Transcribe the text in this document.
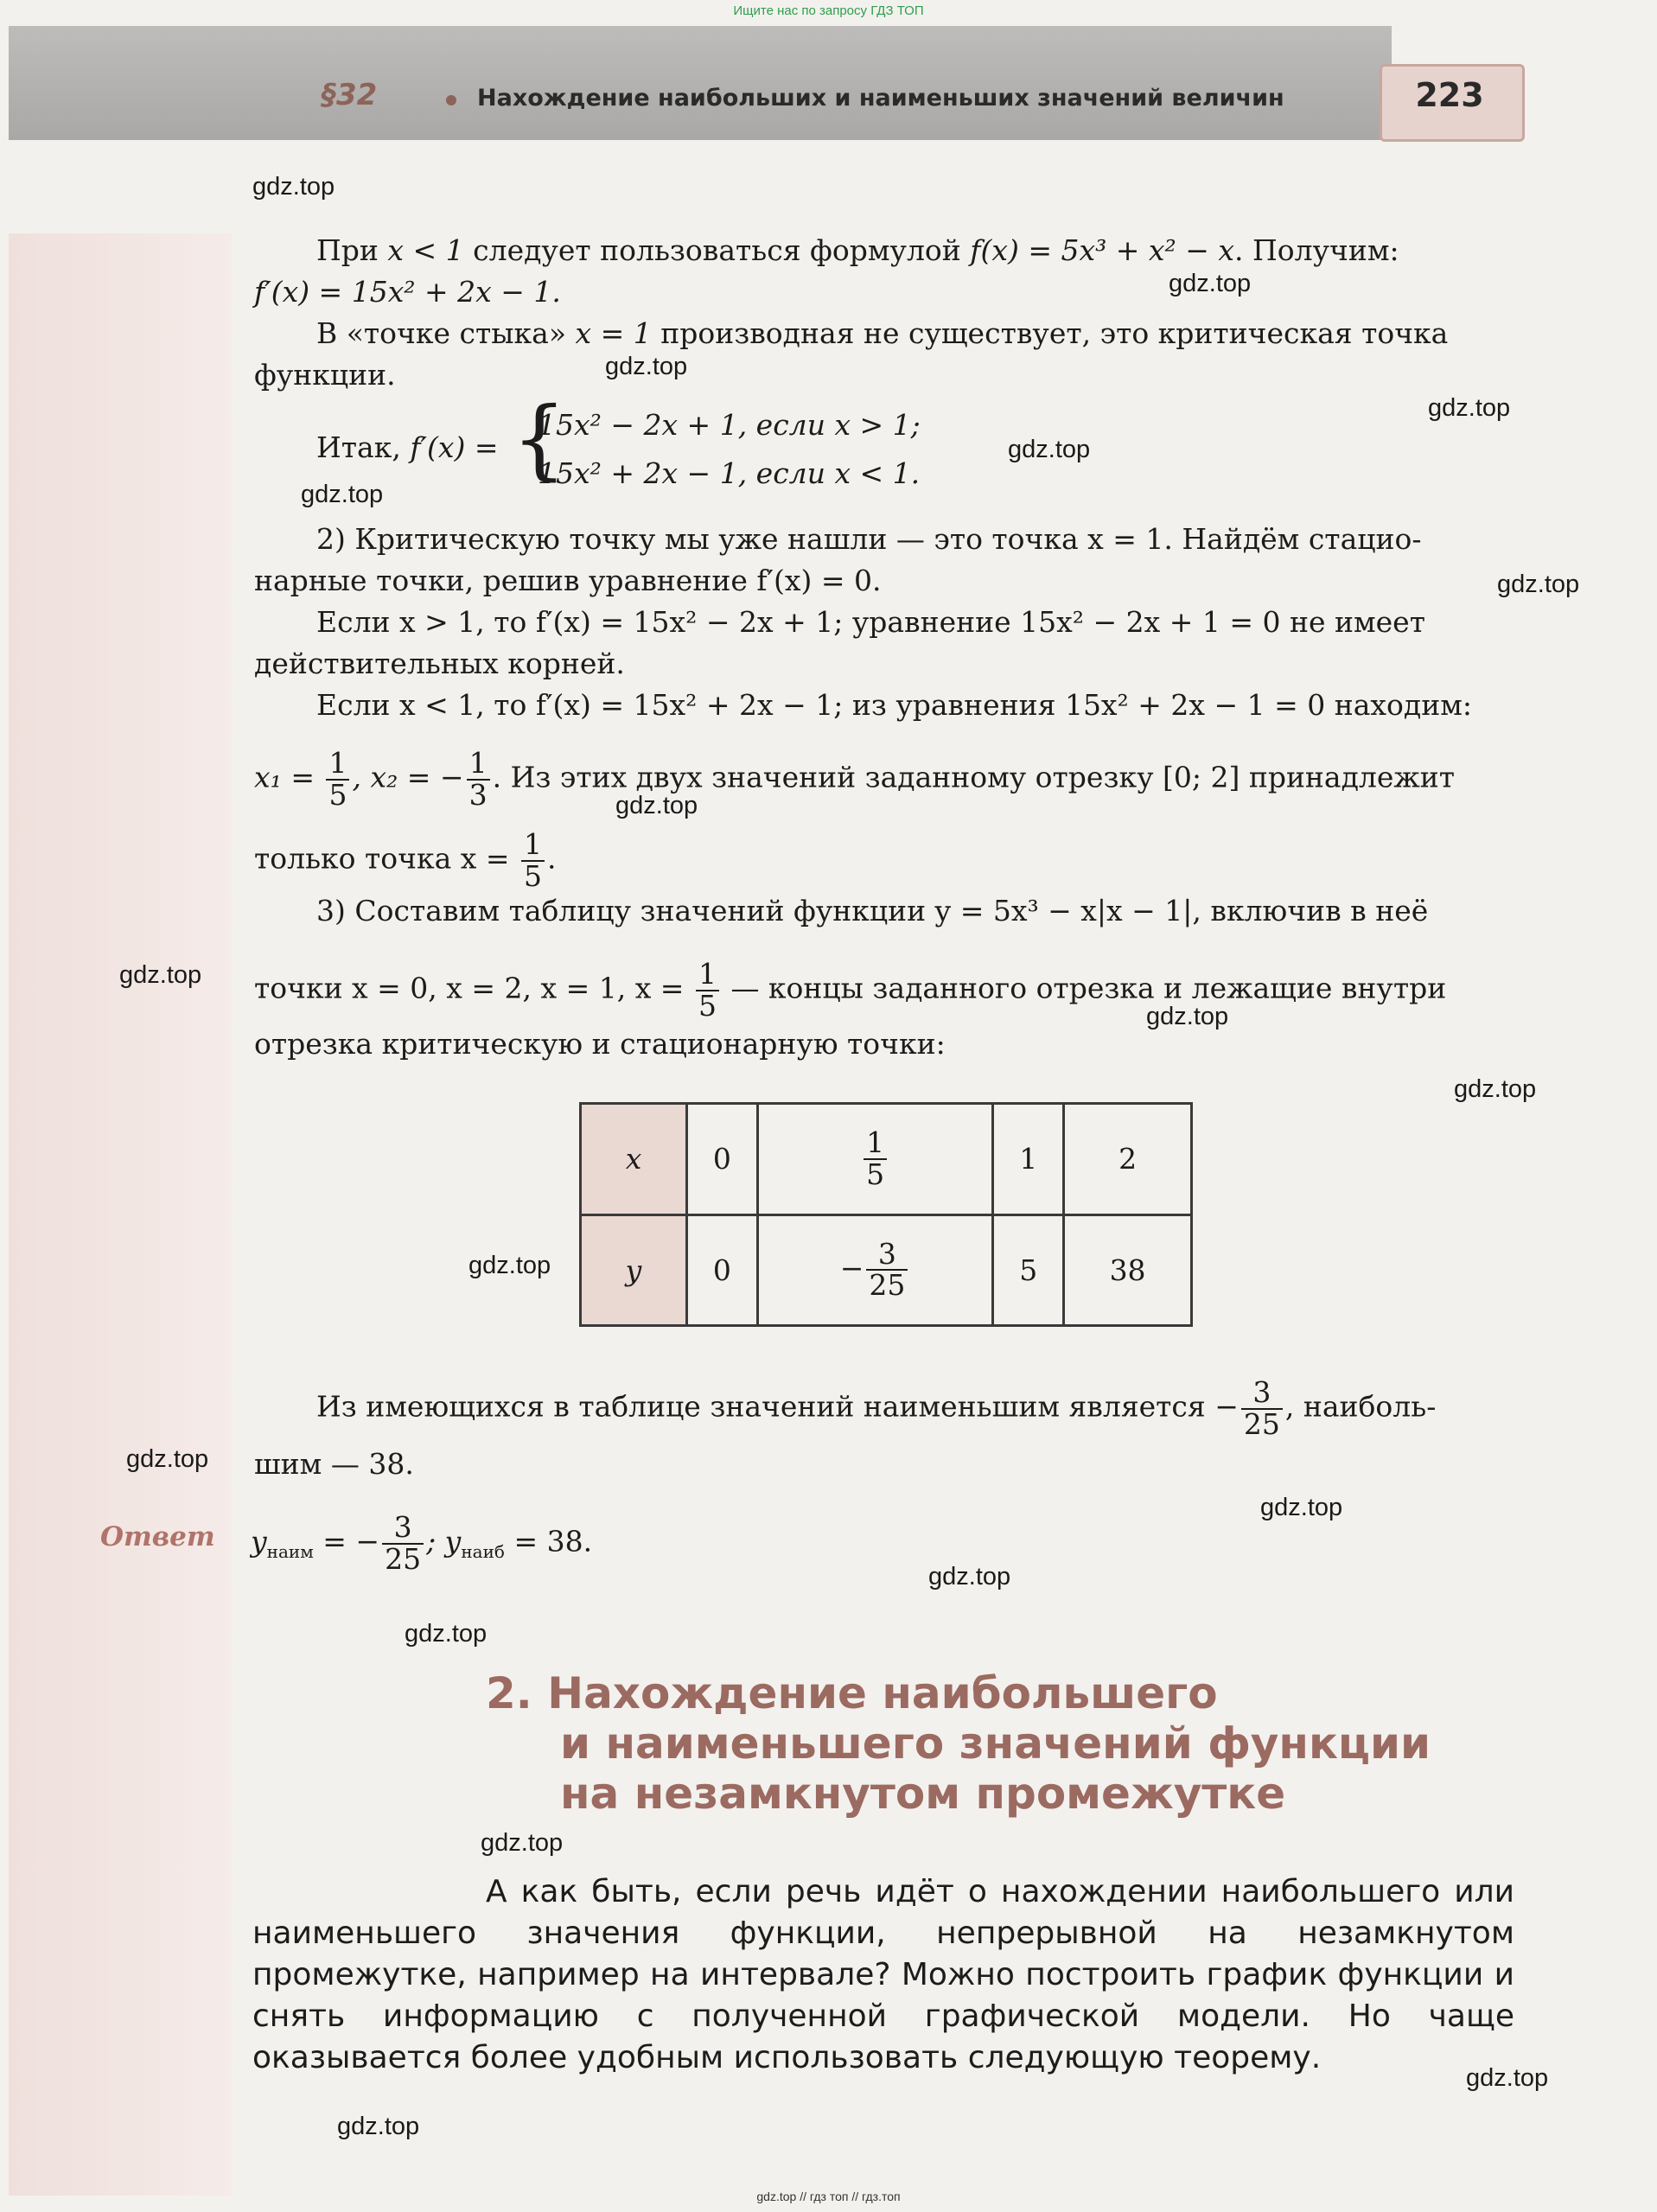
Ищите нас по запросу ГДЗ ТОП
§32	Нахождение наибольших и наименьших значений величин	223
При x < 1 следует пользоваться формулой f(x) = 5x³ + x² − x. Получим:
f′(x) = 15x² + 2x − 1.
В «точке стыка» x = 1 производная не существует, это критическая точка
функции.
Итак, f′(x) = {
15x² − 2x + 1, если x > 1;
15x² + 2x − 1, если x < 1.
2) Критическую точку мы уже нашли — это точка x = 1. Найдём стацио-
нарные точки, решив уравнение f′(x) = 0.
Если x > 1, то f′(x) = 15x² − 2x + 1; уравнение 15x² − 2x + 1 = 0 не имеет
действительных корней.
Если x < 1, то f′(x) = 15x² + 2x − 1; из уравнения 15x² + 2x − 1 = 0 находим:
$x_1 = \frac{1}{5}$ , x₂ = − $\frac{1}{3}$ . Из этих двух значений заданному отрезку [0; 2] принадлежит
только точка $x = \frac{1}{5}$ .
3) Составим таблицу значений функции y = 5x³ − x|x − 1|, включив в неё
точки x = 0, x = 2, x = 1, $x = \frac{1}{5}$ — концы заданного отрезка и лежащие внутри
отрезка критическую и стационарную точки:
x	0	$\frac{1}{5}$	1	2
y	0	− $\frac{3}{25}$	5	38
Из имеющихся в таблице значений наименьшим является − $\frac{3}{25}$ , наиболь-
шим — 38.
Ответ $y_{наим}$ = − $\frac{3}{25}$ ; $y_{наиб} = 38$.
2. Нахождение наибольшего
и наименьшего значений функции
на незамкнутом промежутке

А как быть, если речь идёт о нахождении наибольшего или наименьшего значения функции, непрерывной на незамкнутом промежутке, например на интервале? Можно построить график функции и снять информацию с полученной графической модели. Но чаще оказывается более удобным использовать следующую теорему.

gdz.top
gdz.top
gdz.top
gdz.top
gdz.top
gdz.top
gdz.top
gdz.top
gdz.top
gdz.top
gdz.top
gdz.top
gdz.top
gdz.top
gdz.top
gdz.top
gdz.top
gdz.top
gdz.top
gdz.top // гдз топ // гдз.топ
